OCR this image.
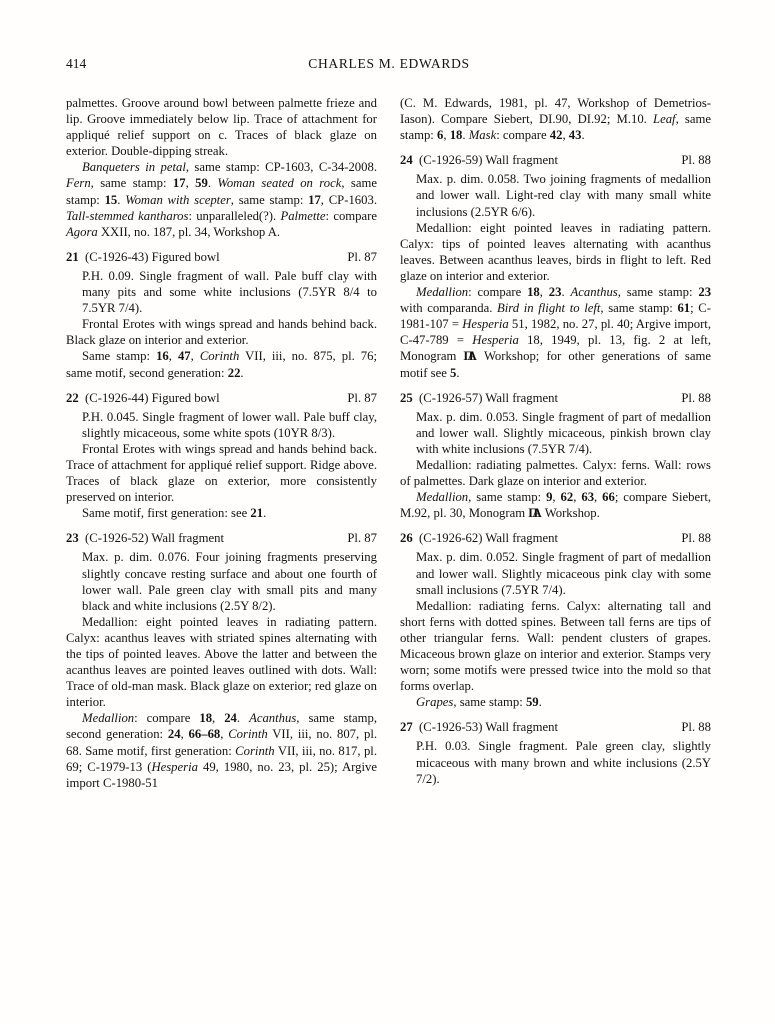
414	CHARLES M. EDWARDS

palmettes. Groove around bowl between palmette frieze and lip. Groove immediately below lip. Trace of attachment for appliqué relief support on c. Traces of black glaze on exterior. Double-dipping streak.

Banqueters in petal, same stamp: CP-1603, C-34-2008. Fern, same stamp: 17, 59. Woman seated on rock, same stamp: 15. Woman with scepter, same stamp: 17, CP-1603. Tall-stemmed kantharos: unparalleled(?). Palmette: compare Agora XXII, no. 187, pl. 34, Workshop A.

21 (C-1926-43) Figured bowl	Pl. 87

P.H. 0.09. Single fragment of wall. Pale buff clay with many pits and some white inclusions (7.5YR 8/4 to 7.5YR 7/4).

Frontal Erotes with wings spread and hands behind back. Black glaze on interior and exterior.

Same stamp: 16, 47, Corinth VII, iii, no. 875, pl. 76; same motif, second generation: 22.

22 (C-1926-44) Figured bowl	Pl. 87

P.H. 0.045. Single fragment of lower wall. Pale buff clay, slightly micaceous, some white spots (10YR 8/3).

Frontal Erotes with wings spread and hands behind back. Trace of attachment for appliqué relief support. Ridge above. Traces of black glaze on exterior, more consistently preserved on interior.

Same motif, first generation: see 21.

23 (C-1926-52) Wall fragment	Pl. 87

Max. p. dim. 0.076. Four joining fragments preserving slightly concave resting surface and about one fourth of lower wall. Pale green clay with small pits and many black and white inclusions (2.5Y 8/2).

Medallion: eight pointed leaves in radiating pattern. Calyx: acanthus leaves with striated spines alternating with the tips of pointed leaves. Above the latter and between the acanthus leaves are pointed leaves outlined with dots. Wall: Trace of old-man mask. Black glaze on exterior; red glaze on interior.

Medallion: compare 18, 24. Acanthus, same stamp, second generation: 24, 66–68, Corinth VII, iii, no. 807, pl. 68. Same motif, first generation: Corinth VII, iii, no. 817, pl. 69; C-1979-13 (Hesperia 49, 1980, no. 23, pl. 25); Argive import C-1980-51

(C. M. Edwards, 1981, pl. 47, Workshop of Demetrios-Iason). Compare Siebert, DI.90, DI.92; M.10. Leaf, same stamp: 6, 18. Mask: compare 42, 43.

24 (C-1926-59) Wall fragment	Pl. 88

Max. p. dim. 0.058. Two joining fragments of medallion and lower wall. Light-red clay with many small white inclusions (2.5YR 6/6).

Medallion: eight pointed leaves in radiating pattern. Calyx: tips of pointed leaves alternating with acanthus leaves. Between acanthus leaves, birds in flight to left. Red glaze on interior and exterior.

Medallion: compare 18, 23. Acanthus, same stamp: 23 with comparanda. Bird in flight to left, same stamp: 61; C-1981-107 = Hesperia 51, 1982, no. 27, pl. 40; Argive import, C-47-789 = Hesperia 18, 1949, pl. 13, fig. 2 at left, Monogram ΠΑ Workshop; for other generations of same motif see 5.

25 (C-1926-57) Wall fragment	Pl. 88

Max. p. dim. 0.053. Single fragment of part of medallion and lower wall. Slightly micaceous, pinkish brown clay with white inclusions (7.5YR 7/4).

Medallion: radiating palmettes. Calyx: ferns. Wall: rows of palmettes. Dark glaze on interior and exterior.

Medallion, same stamp: 9, 62, 63, 66; compare Siebert, M.92, pl. 30, Monogram ΠΑ Workshop.

26 (C-1926-62) Wall fragment	Pl. 88

Max. p. dim. 0.052. Single fragment of part of medallion and lower wall. Slightly micaceous pink clay with some small inclusions (7.5YR 7/4).

Medallion: radiating ferns. Calyx: alternating tall and short ferns with dotted spines. Between tall ferns are tips of other triangular ferns. Wall: pendent clusters of grapes. Micaceous brown glaze on interior and exterior. Stamps very worn; some motifs were pressed twice into the mold so that forms overlap.

Grapes, same stamp: 59.

27 (C-1926-53) Wall fragment	Pl. 88

P.H. 0.03. Single fragment. Pale green clay, slightly micaceous with many brown and white inclusions (2.5Y 7/2).
